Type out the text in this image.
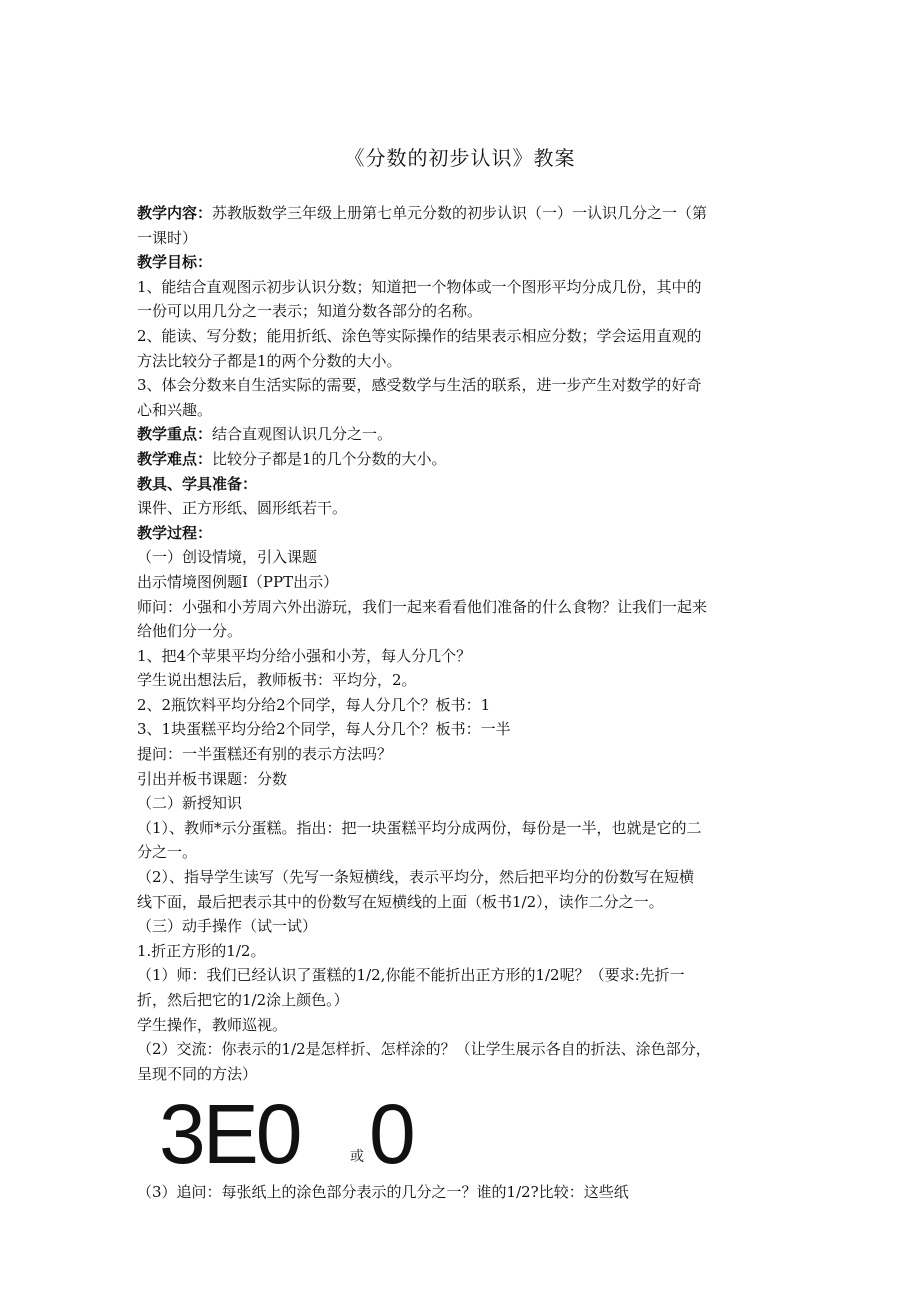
《分数的初步认识》教案

教学内容：苏教版数学三年级上册第七单元分数的初步认识（一）一认识几分之一（第

一课时）

教学目标：

1、能结合直观图示初步认识分数；知道把一个物体或一个图形平均分成几份，其中的

一份可以用几分之一表示；知道分数各部分的名称。

2、能读、写分数；能用折纸、涂色等实际操作的结果表示相应分数；学会运用直观的

方法比较分子都是1的两个分数的大小。

3、体会分数来自生活实际的需要，感受数学与生活的联系，进一步产生对数学的好奇

心和兴趣。

教学重点：结合直观图认识几分之一。

教学难点：比较分子都是1的几个分数的大小。

教具、学具准备：

课件、正方形纸、圆形纸若干。

教学过程：

（一）创设情境，引入课题

出示情境图例题I（PPT出示）

师问：小强和小芳周六外出游玩，我们一起来看看他们准备的什么食物？让我们一起来

给他们分一分。

1、把4个苹果平均分给小强和小芳，每人分几个？

学生说出想法后，教师板书：平均分，2。

2、2瓶饮料平均分给2个同学，每人分几个？板书：1

3、1块蛋糕平均分给2个同学，每人分几个？板书：一半

提问：一半蛋糕还有别的表示方法吗？

引出并板书课题：分数

（二）新授知识

（1）、教师*示分蛋糕。指出：把一块蛋糕平均分成两份，每份是一半，也就是它的二

分之一。

（2）、指导学生读写（先写一条短横线，表示平均分，然后把平均分的份数写在短横

线下面，最后把表示其中的份数写在短横线的上面（板书1/2），读作二分之一。

（三）动手操作（试一试）

1.折正方形的1/2。

（1）师：我们已经认识了蛋糕的1/2,你能不能折出正方形的1/2呢？（要求:先折一

折，然后把它的1/2涂上颜色。）

学生操作，教师巡视。

（2）交流：你表示的1/2是怎样折、怎样涂的？（让学生展示各自的折法、涂色部分，

呈现不同的方法）

3E0	或 0

（3）追问：每张纸上的涂色部分表示的几分之一？谁的1/2?比较：这些纸
